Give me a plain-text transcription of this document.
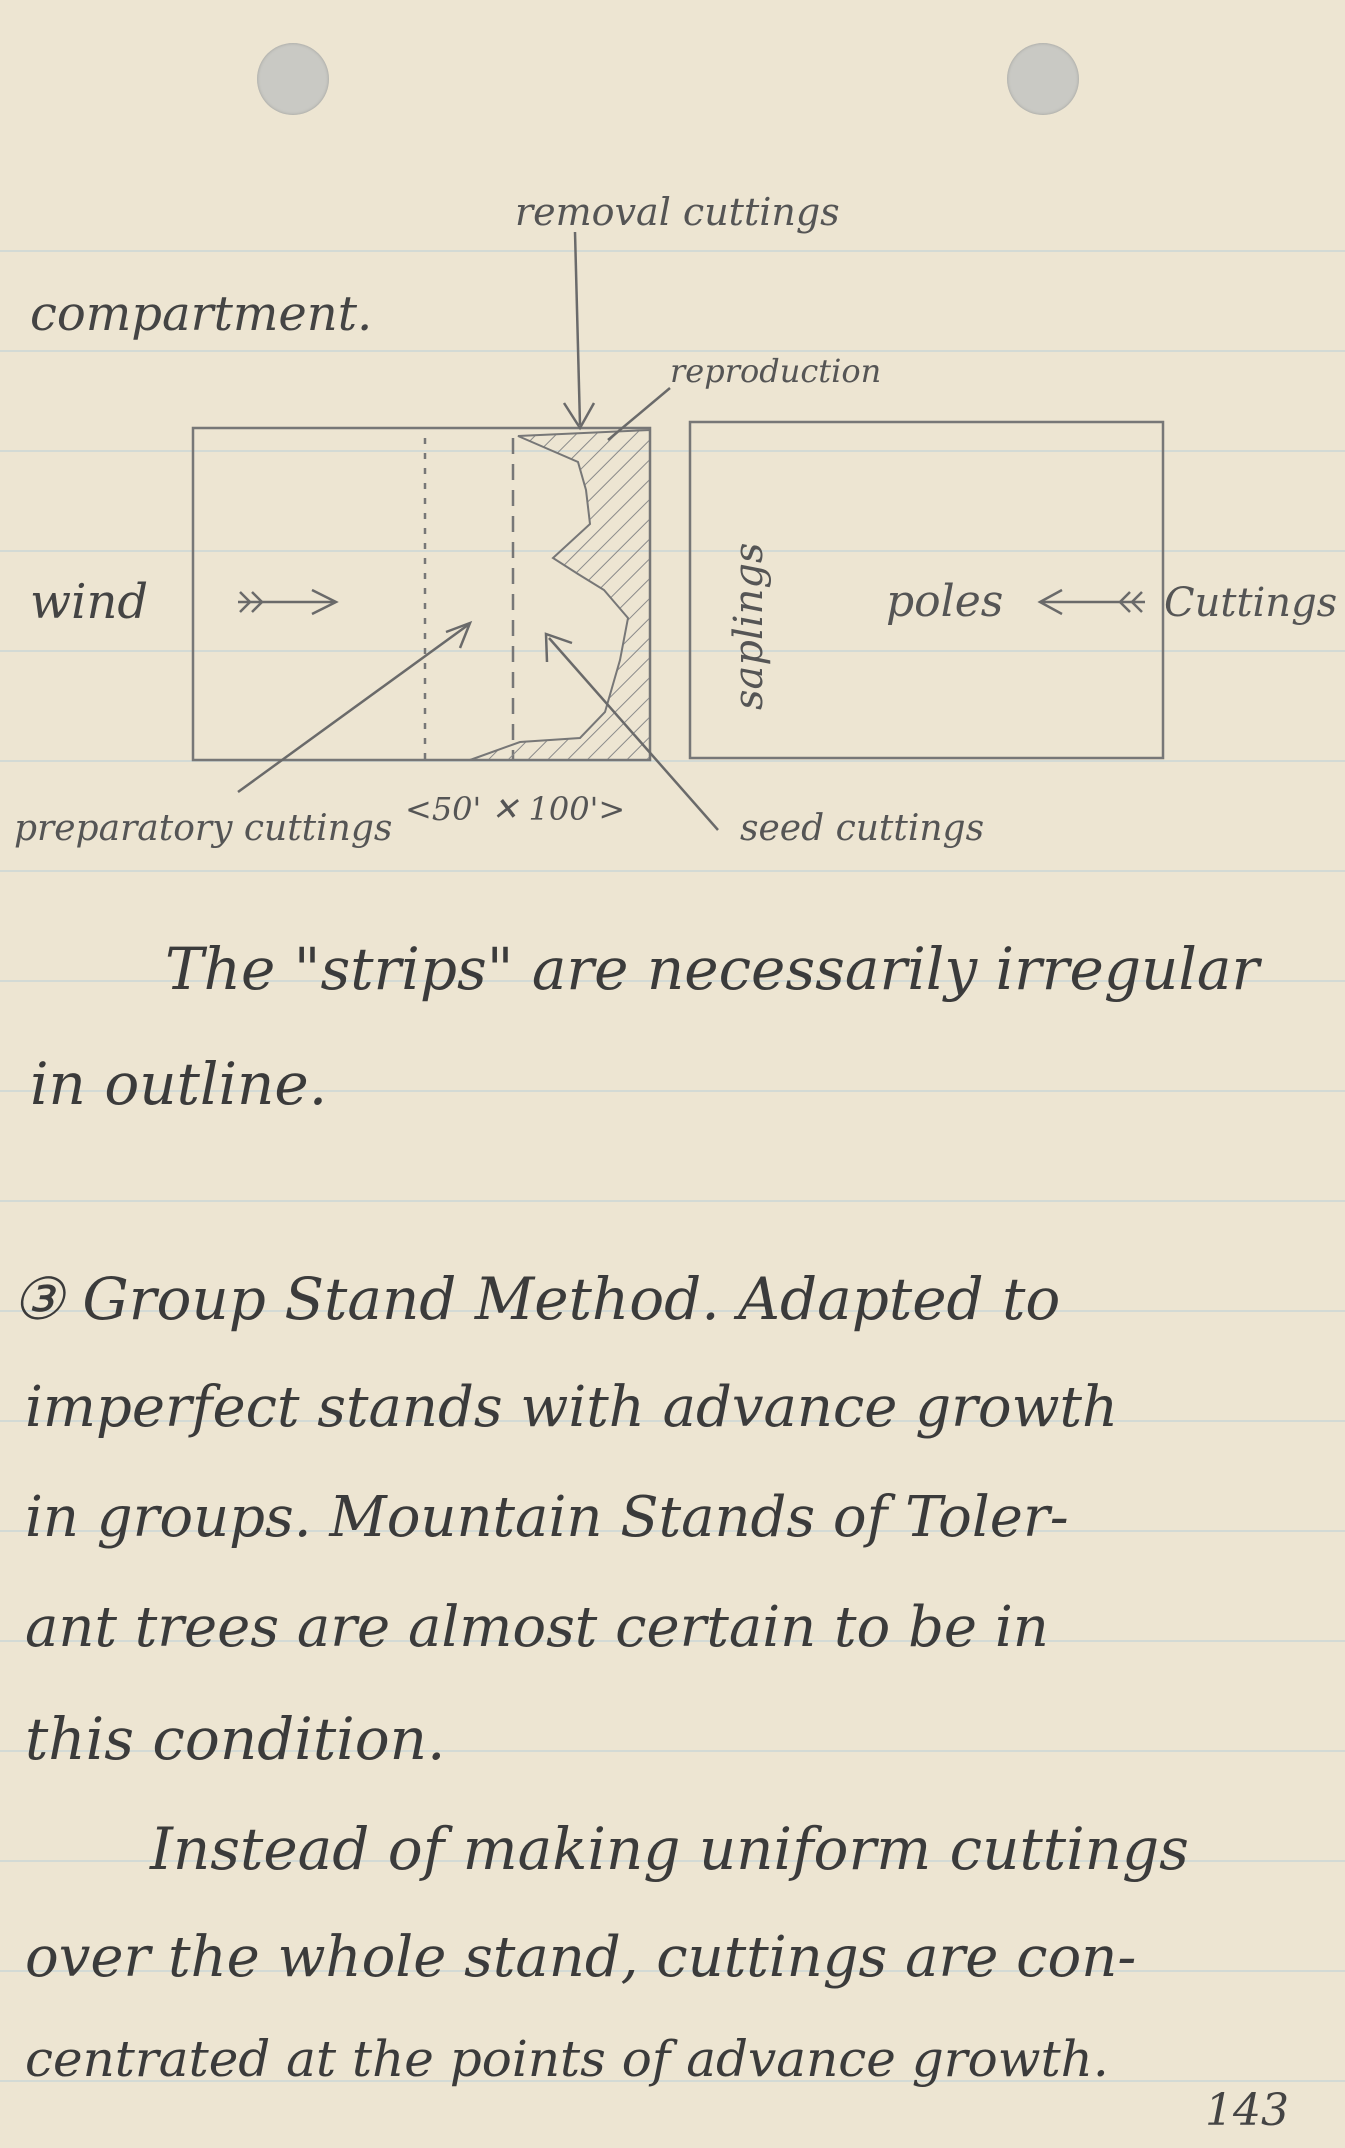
removal cuttings
compartment.
reproduction
wind	saplings	poles	Cuttings
preparatory cuttings <50' ✕ 100'>	seed cuttings
The "strips" are necessarily irregular
in outline.
③ Group Stand Method. Adapted to
imperfect stands with advance growth
in groups. Mountain Stands of Toler-
ant trees are almost certain to be in
this condition.
Instead of making uniform cuttings
over the whole stand, cuttings are con-
centrated at the points of advance growth.
143
